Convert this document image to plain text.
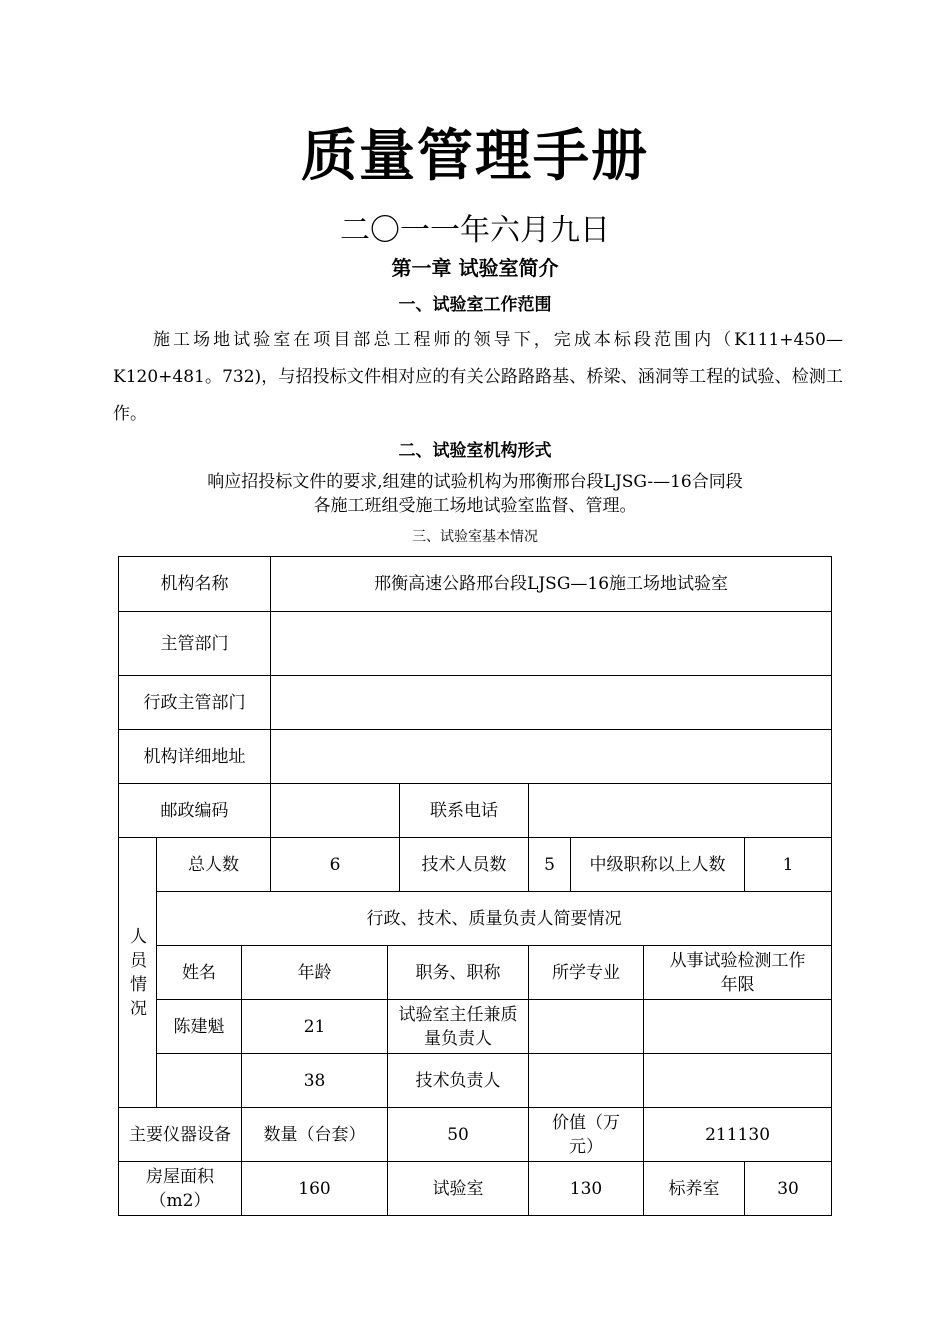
质量管理手册
二〇一一年六月九日
第一章 试验室简介
一、试验室工作范围
施工场地试验室在项目部总工程师的领导下，完成本标段范围内（K111+450—K120+481。732)，与招投标文件相对应的有关公路路路基、桥梁、涵洞等工程的试验、检测工作。
二、试验室机构形式
响应招投标文件的要求,组建的试验机构为邢衡邢台段LJSG-—16合同段
各施工班组受施工场地试验室监督、管理。
三、试验室基本情况
机构名称			邢衡高速公路邢台段LJSG—16施工场地试验室						
主管部门									
行政主管部门									
机构详细地址									
邮政编码					联系电话				
人员情况	总人数		6		技术人员数	5	中级职称以上人数		1
	行政、技术、质量负责人简要情况								
	姓名	年龄		职务、职称		所学专业		从事试验检测工作年限	
	陈建魁	21		试验室主任兼质量负责人					
		38		技术负责人					
主要仪器设备		数量（台套）		50		价值（万元）		211130	
房屋面积（m2）		160		试验室		130		标养室	30
